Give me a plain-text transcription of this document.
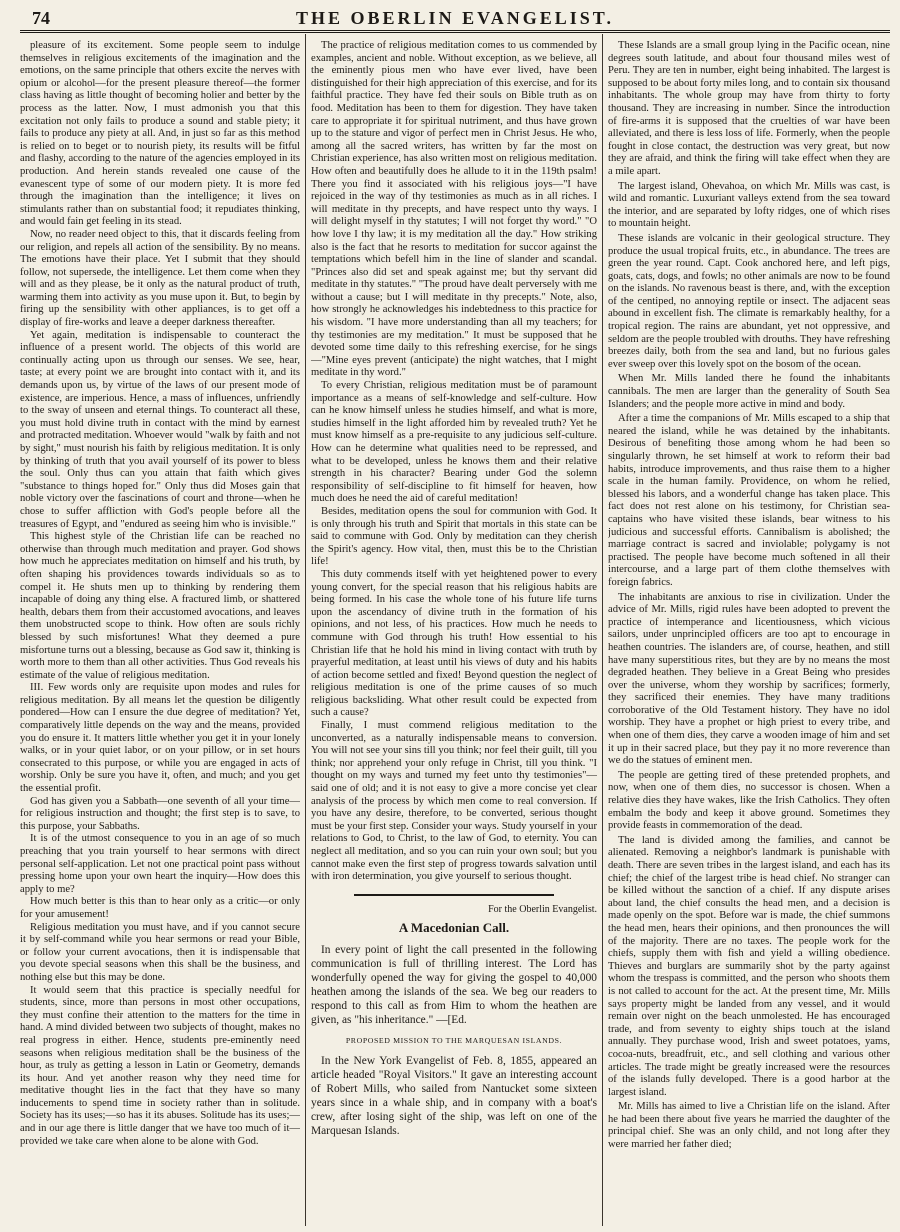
74	THE OBERLIN EVANGELIST.

pleasure of its excitement. Some people seem to indulge themselves in religious excitements of the imagination and the emotions, on the same principle that others excite the nerves with opium or alcohol—for the present pleasure thereof—the former class having as little thought of becoming holier and better by the process as the latter. Now, I must admonish you that this excitation not only fails to produce a sound and stable piety; it fails to produce any piety at all. And, in just so far as this method is relied on to beget or to nourish piety, its results will be fitful and flashy, according to the nature of the agencies employed in its production. And herein stands revealed one cause of the evanescent type of some of our modern piety. It is more fed through the imagination than the intelligence; it lives on stimulants rather than on substantial food; it repudiates thinking, and would fain get feeling in its stead.

Now, no reader need object to this, that it discards feeling from our religion, and repels all action of the sensibility. By no means. The emotions have their place. Yet I submit that they should follow, not supersede, the intelligence. Let them come when they will and as they please, be it only as the natural product of truth, warming them into activity as you muse upon it. But, to begin by firing up the sensibility with other appliances, is to get off a display of fire-works and leave a deeper darkness thereafter.

Yet again, meditation is indispensable to counteract the influence of a present world. The objects of this world are continually acting upon us through our senses. We see, hear, taste; at every point we are brought into contact with it, and its demands upon us, by virtue of the laws of our present mode of existence, are imperious. Hence, a mass of influences, unfriendly to the sway of unseen and eternal things. To counteract all these, you must hold divine truth in contact with the mind by earnest and protracted meditation. Whoever would "walk by faith and not by sight," must nourish his faith by religious meditation. It is only by thinking of truth that you avail yourself of its power to bless the soul. Only thus can you attain that faith which gives "substance to things hoped for." Only thus did Moses gain that noble victory over the fascinations of court and throne—when he chose to suffer affliction with God's people before all the treasures of Egypt, and "endured as seeing him who is invisible."

This highest style of the Christian life can be reached no otherwise than through much meditation and prayer. God shows how much he appreciates meditation on himself and his truth, by often shaping his providences towards individuals so as to compel it. He shuts men up to thinking by rendering them incapable of doing any thing else. A fractured limb, or shattered health, debars them from their accustomed avocations, and leaves them unobstructed scope to think. How often are souls richly blessed by such misfortunes! What they deemed a pure misfortune turns out a blessing, because as God saw it, thinking is worth more to them than all other activities. Thus God reveals his estimate of the value of religious meditation.

III. Few words only are requisite upon modes and rules for religious meditation. By all means let the question be diligently pondered—How can I ensure the due degree of meditation? Yet, comparatively little depends on the way and the means, provided you do ensure it. It matters little whether you get it in your lonely walks, or in your quiet labor, or on your pillow, or in set hours consecrated to this purpose, or while you are engaged in acts of worship. Only be sure you have it, often, and much; and you get the essential profit.

God has given you a Sabbath—one seventh of all your time—for religious instruction and thought; the first step is to save, to this purpose, your Sabbaths.

It is of the utmost consequence to you in an age of so much preaching that you train yourself to hear sermons with direct personal self-application. Let not one practical point pass without pressing home upon your own heart the inquiry—How does this apply to me?

How much better is this than to hear only as a critic—or only for your amusement!

Religious meditation you must have, and if you cannot secure it by self-command while you hear sermons or read your Bible, or follow your current avocations, then it is indispensable that you devote special seasons when this shall be the business, and nothing else but this may be done.

It would seem that this practice is specially needful for students, since, more than persons in most other occupations, they must confine their attention to the matters for the time in hand. A mind divided between two subjects of thought, makes no real progress in either. Hence, students pre-eminently need seasons when religious meditation shall be the business of the hour, as truly as getting a lesson in Latin or Geometry, demands its hour. And yet another reason why they need time for meditative thought lies in the fact that they have so many inducements to spend time in society rather than in solitude. Society has its uses;—so has it its abuses. Solitude has its uses;—and in our age there is little danger that we have too much of it—provided we take care when alone to be alone with God.

The practice of religious meditation comes to us commended by examples, ancient and noble. Without exception, as we believe, all the eminently pious men who have ever lived, have been distinguished for their high appreciation of this exercise, and for its faithful practice. They have fed their souls on Bible truth as on food. Meditation has been to them for digestion. They have taken care to appropriate it for spiritual nutriment, and thus have grown up to the stature and vigor of perfect men in Christ Jesus. He who, among all the sacred writers, has written by far the most on Christian experience, has also written most on religious meditation. How often and beautifully does he allude to it in the 119th psalm! There you find it associated with his religious joys—"I have rejoiced in the way of thy testimonies as much as in all riches. I will meditate in thy precepts, and have respect unto thy ways. I will delight myself in thy statutes; I will not forget thy word." "O how love I thy law; it is my meditation all the day." How striking also is the fact that he resorts to meditation for succor against the temptations which befell him in the line of slander and scandal. "Princes also did set and speak against me; but thy servant did meditate in thy statutes." "The proud have dealt perversely with me without a cause; but I will meditate in thy precepts." Note, also, how strongly he acknowledges his indebtedness to this practice for his wisdom. "I have more understanding than all my teachers; for thy testimonies are my meditation." It must be supposed that he devoted some time daily to this refreshing exercise, for he sings—"Mine eyes prevent (anticipate) the night watches, that I might meditate in thy word."

To every Christian, religious meditation must be of paramount importance as a means of self-knowledge and self-culture. How can he know himself unless he studies himself, and what is more, studies himself in the light afforded him by revealed truth? Yet he must know himself as a pre-requisite to any judicious self-culture. How can he determine what qualities need to be repressed, and what to be developed, unless he knows them and their relative strength in his character? Bearing under God the solemn responsibility of self-discipline to fit himself for heaven, how much does he need the aid of careful meditation!

Besides, meditation opens the soul for communion with God. It is only through his truth and Spirit that mortals in this state can be said to commune with God. Only by meditation can they cherish the Spirit's agency. How vital, then, must this be to the Christian life!

This duty commends itself with yet heightened power to every young convert, for the special reason that his religious habits are being formed. In his case the whole tone of his future life turns upon the ascendancy of divine truth in the formation of his opinions, and not less, of his practices. How much he needs to commune with God through his truth! How essential to his Christian life that he hold his mind in living contact with truth by prayerful meditation, at least until his views of duty and his habits of action become settled and fixed! Beyond question the neglect of religious meditation is one of the prime causes of so much religious backsliding. What other result could be expected from such a cause?

Finally, I must commend religious meditation to the unconverted, as a naturally indispensable means to conversion. You will not see your sins till you think; nor feel their guilt, till you think; nor apprehend your only refuge in Christ, till you think. "I thought on my ways and turned my feet unto thy testimonies"—said one of old; and it is not easy to give a more concise yet clear analysis of the process by which men come to real conversion. If you have any desire, therefore, to be converted, serious thought must be your first step. Consider your ways. Study yourself in your relations to God, to Christ, to the law of God, to eternity. You can neglect all meditation, and so you can ruin your own soul; but you cannot make even the first step of progress towards salvation until with iron determination, you give yourself to serious thought.

For the Oberlin Evangelist.
A Macedonian Call.

In every point of light the call presented in the following communication is full of thrilling interest. The Lord has wonderfully opened the way for giving the gospel to 40,000 heathen among the islands of the sea. We beg our readers to respond to this call as from Him to whom the heathen are given, as "his inheritance." —[Ed.

PROPOSED MISSION TO THE MARQUESAN ISLANDS.

In the New York Evangelist of Feb. 8, 1855, appeared an article headed "Royal Visitors." It gave an interesting account of Robert Mills, who sailed from Nantucket some sixteen years since in a whale ship, and in company with a boat's crew, after losing sight of the ship, was left on one of the Marquesan Islands.

These Islands are a small group lying in the Pacific ocean, nine degrees south latitude, and about four thousand miles west of Peru. They are ten in number, eight being inhabited. The largest is supposed to be about forty miles long, and to contain six thousand inhabitants. The whole group may have from thirty to forty thousand. They are increasing in number. Since the introduction of fire-arms it is supposed that the cruelties of war have been alleviated, and there is less loss of life. Formerly, when the people fought in close contact, the destruction was very great, but now they are afraid, and think the firing will take effect when they are a mile apart.

The largest island, Ohevahoa, on which Mr. Mills was cast, is wild and romantic. Luxuriant valleys extend from the sea toward the interior, and are separated by lofty ridges, one of which rises to mountain height.

These islands are volcanic in their geological structure. They produce the usual tropical fruits, etc., in abundance. The trees are green the year round. Capt. Cook anchored here, and left pigs, goats, cats, dogs, and fowls; no other animals are now to be found on the islands. No ravenous beast is there, and, with the exception of the centiped, no annoying reptile or insect. The adjacent seas abound in excellent fish. The climate is remarkably healthy, for a tropical region. The rains are abundant, yet not oppressive, and seldom are the people troubled with drouths. They have refreshing breezes daily, both from the sea and land, but no furious gales ever sweep over this lovely spot on the bosom of the ocean.

When Mr. Mills landed there he found the inhabitants cannibals. The men are larger than the generality of South Sea Islanders; and the people more active in mind and body.

After a time the companions of Mr. Mills escaped to a ship that neared the island, while he was detained by the inhabitants. Desirous of benefiting those among whom he had been so singularly thrown, he set himself at work to reform their bad habits, introduce improvements, and thus raise them to a higher scale in the human family. Providence, on whom he relied, blessed his labors, and a wonderful change has taken place. This fact does not rest alone on his testimony, for Christian sea-captains who have visited these islands, bear witness to his judicious and successful efforts. Cannibalism is abolished; the marriage contract is sacred and inviolable; polygamy is not practised. The people have become much softened in all their intercourse, and a large part of them clothe themselves with foreign fabrics.

The inhabitants are anxious to rise in civilization. Under the advice of Mr. Mills, rigid rules have been adopted to prevent the practice of intemperance and licentiousness, which vicious sailors, under unprincipled officers are too apt to encourage in heathen countries. The islanders are, of course, heathen, and still have many superstitious rites, but they are by no means the most degraded heathen. They believe in a Great Being who presides over the universe, whom they worship by sacrifices; formerly, they sacrificed their enemies. They have many traditions corroborative of the Old Testament history. They have no idol worship. They have a prophet or high priest to every tribe, and when one of them dies, they carve a wooden image of him and set it up in their sacred place, but they pay it no more reverence than we do the statues of eminent men.

The people are getting tired of these pretended prophets, and now, when one of them dies, no successor is chosen. When a relative dies they have wakes, like the Irish Catholics. They often embalm the body and keep it above ground. Sometimes they provide feasts in commemoration of the dead.

The land is divided among the families, and cannot be alienated. Removing a neighbor's landmark is punishable with death. There are seven tribes in the largest island, and each has its chief; the chief of the largest tribe is head chief. No stranger can be killed without the sanction of a chief. If any dispute arises about land, the chief consults the head men, and a decision is made openly on the spot. Before war is made, the chief summons the head men, hears their opinions, and then pronounces the will of the majority. There are no taxes. The people work for the chiefs, supply them with fish and yield a willing obedience. Thieves and burglars are summarily shot by the party against whom the trespass is committed, and the person who shoots them is not called to account for the act. At the present time, Mr. Mills says property might be landed from any vessel, and it would remain over night on the beach unmolested. He has encouraged trade, and from seventy to eighty ships touch at the island annually. They purchase wood, Irish and sweet potatoes, yams, cocoa-nuts, breadfruit, etc., and sell clothing and various other articles. The trade might be greatly increased were the resources of the islands fully developed. There is a good harbor at the largest island.

Mr. Mills has aimed to live a Christian life on the island. After he had been there about five years he married the daughter of the principal chief. She was an only child, and not long after they were married her father died;
